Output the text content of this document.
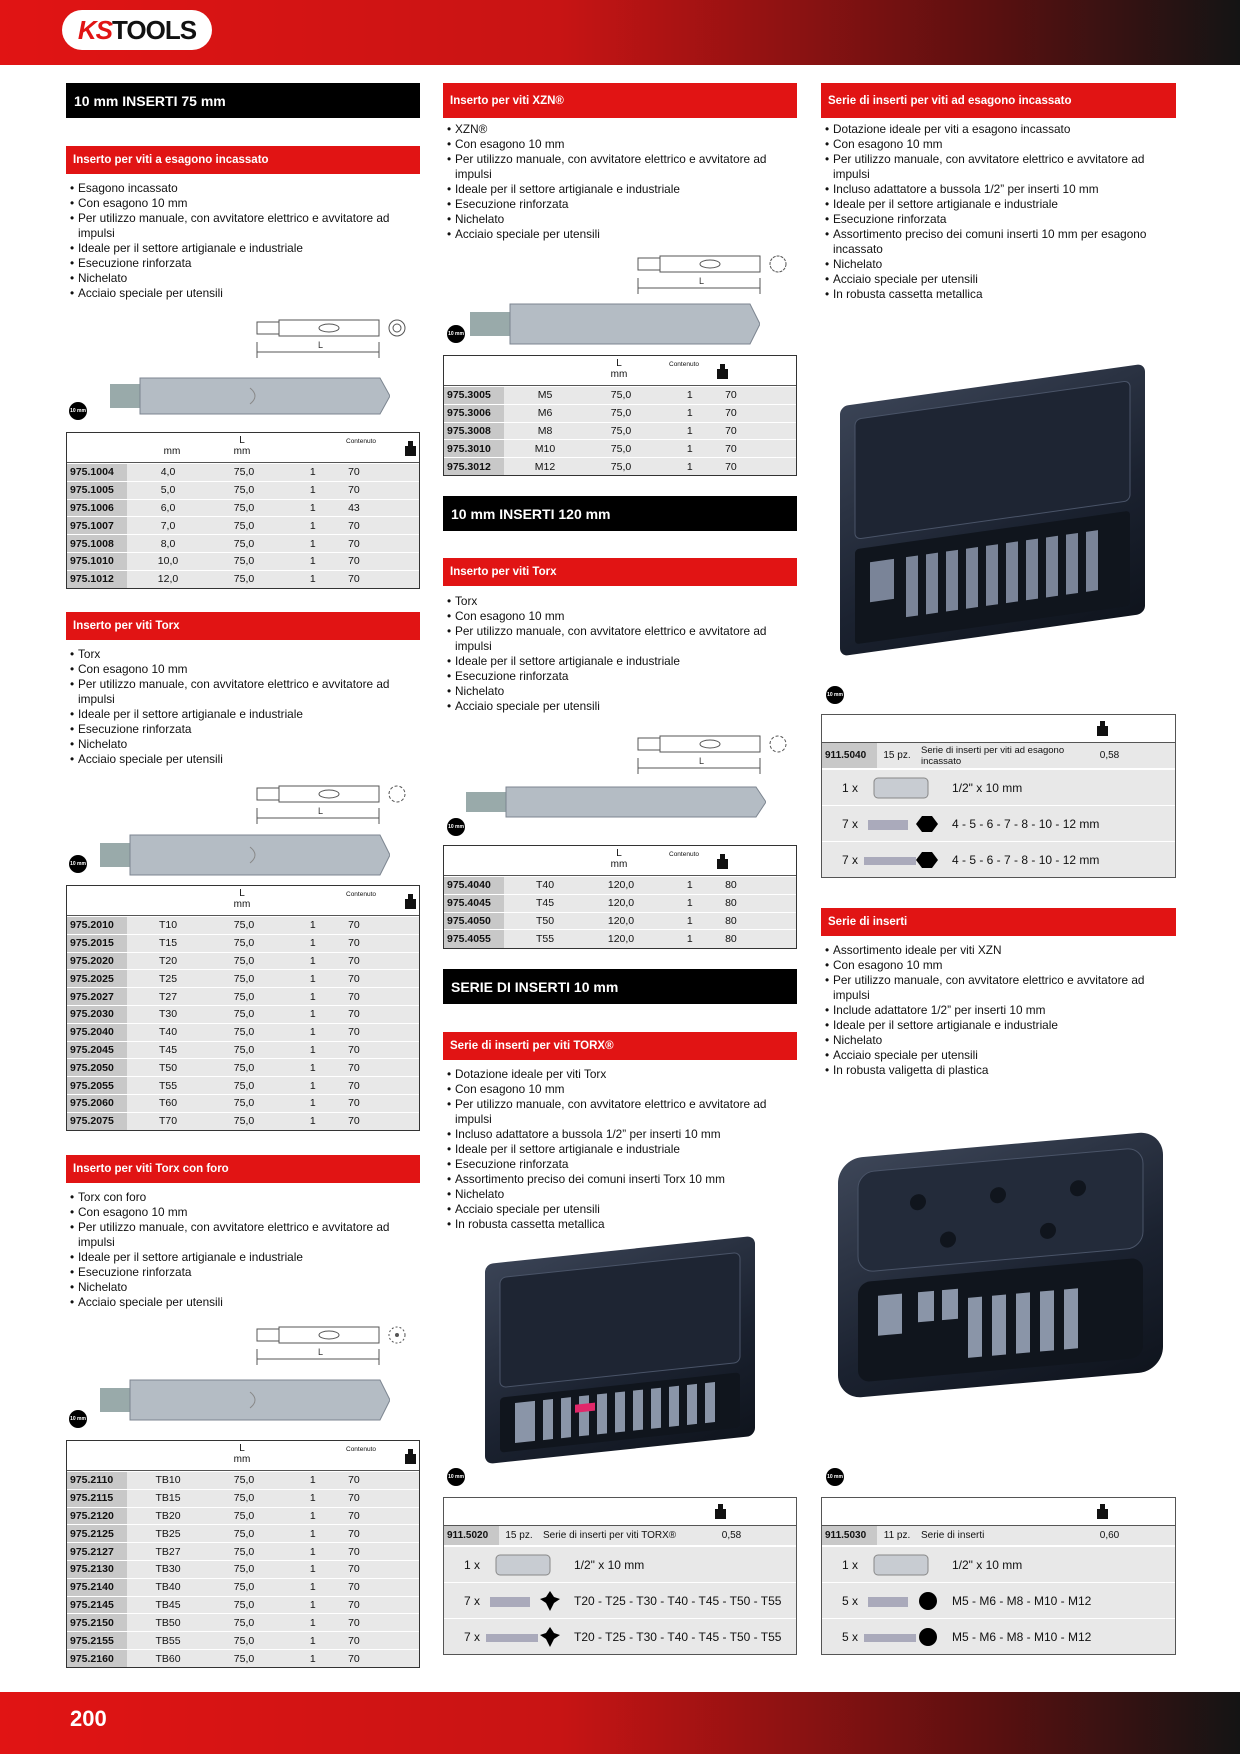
KS TOOLS
200
10 mm INSERTI 75 mm
Inserto per viti a esagono incassato
• Esagono incassato
• Con esagono 10 mm
• Per utilizzo manuale, con avvitatore elettrico e avvitatore ad impulsi
• Ideale per il settore artigianale e industriale
• Esecuzione rinforzata
• Nichelato
• Acciaio speciale per utensili
L
10 mm
mm
L
mm
Contenuto
975.1004	4,0	75,0	1	70
975.1005	5,0	75,0	1	70
975.1006	6,0	75,0	1	43
975.1007	7,0	75,0	1	70
975.1008	8,0	75,0	1	70
975.1010	10,0	75,0	1	70
975.1012	12,0	75,0	1	70
Inserto per viti Torx
• Torx
• Con esagono 10 mm
• Per utilizzo manuale, con avvitatore elettrico e avvitatore ad impulsi
• Ideale per il settore artigianale e industriale
• Esecuzione rinforzata
• Nichelato
• Acciaio speciale per utensili
L
10 mm
L
mm
Contenuto
975.2010	T10	75,0	1	70
975.2015	T15	75,0	1	70
975.2020	T20	75,0	1	70
975.2025	T25	75,0	1	70
975.2027	T27	75,0	1	70
975.2030	T30	75,0	1	70
975.2040	T40	75,0	1	70
975.2045	T45	75,0	1	70
975.2050	T50	75,0	1	70
975.2055	T55	75,0	1	70
975.2060	T60	75,0	1	70
975.2075	T70	75,0	1	70
Inserto per viti Torx con foro
• Torx con foro
• Con esagono 10 mm
• Per utilizzo manuale, con avvitatore elettrico e avvitatore ad impulsi
• Ideale per il settore artigianale e industriale
• Esecuzione rinforzata
• Nichelato
• Acciaio speciale per utensili
L
10 mm
L
mm
Contenuto
975.2110	TB10	75,0	1	70
975.2115	TB15	75,0	1	70
975.2120	TB20	75,0	1	70
975.2125	TB25	75,0	1	70
975.2127	TB27	75,0	1	70
975.2130	TB30	75,0	1	70
975.2140	TB40	75,0	1	70
975.2145	TB45	75,0	1	70
975.2150	TB50	75,0	1	70
975.2155	TB55	75,0	1	70
975.2160	TB60	75,0	1	70
Inserto per viti XZN®
• XZN®
• Con esagono 10 mm
• Per utilizzo manuale, con avvitatore elettrico e avvitatore ad impulsi
• Ideale per il settore artigianale e industriale
• Esecuzione rinforzata
• Nichelato
• Acciaio speciale per utensili
L
10 mm
L
mm
Contenuto
975.3005	M5	75,0	1	70
975.3006	M6	75,0	1	70
975.3008	M8	75,0	1	70
975.3010	M10	75,0	1	70
975.3012	M12	75,0	1	70
10 mm INSERTI 120 mm
Inserto per viti Torx
• Torx
• Con esagono 10 mm
• Per utilizzo manuale, con avvitatore elettrico e avvitatore ad impulsi
• Ideale per il settore artigianale e industriale
• Esecuzione rinforzata
• Nichelato
• Acciaio speciale per utensili
L
10 mm
L
mm
Contenuto
975.4040	T40	120,0	1	80
975.4045	T45	120,0	1	80
975.4050	T50	120,0	1	80
975.4055	T55	120,0	1	80
SERIE DI INSERTI 10 mm
Serie di inserti per viti TORX®
• Dotazione ideale per viti Torx
• Con esagono 10 mm
• Per utilizzo manuale, con avvitatore elettrico e avvitatore ad impulsi
• Incluso adattatore a bussola 1/2” per inserti 10 mm
• Ideale per il settore artigianale e industriale
• Esecuzione rinforzata
• Assortimento preciso dei comuni inserti Torx 10 mm
• Nichelato
• Acciaio speciale per utensili
• In robusta cassetta metallica
10 mm
911.5020	15 pz.	Serie di inserti per viti TORX®	0,58
1 x	1/2" x 10 mm
7 x	T20 - T25 - T30 - T40 - T45 - T50 - T55
7 x	T20 - T25 - T30 - T40 - T45 - T50 - T55
Serie di inserti per viti ad esagono incassato
• Dotazione ideale per viti a esagono incassato
• Con esagono 10 mm
• Per utilizzo manuale, con avvitatore elettrico e avvitatore ad impulsi
• Incluso adattatore a bussola 1/2” per inserti 10 mm
• Ideale per il settore artigianale e industriale
• Esecuzione rinforzata
• Assortimento preciso dei comuni inserti 10 mm per esagono incassato
• Nichelato
• Acciaio speciale per utensili
• In robusta cassetta metallica
10 mm
911.5040	15 pz.	Serie di inserti per viti ad esagono incassato	0,58
1 x	1/2" x 10 mm
7 x	4 - 5 - 6 - 7 - 8 - 10 - 12 mm
7 x	4 - 5 - 6 - 7 - 8 - 10 - 12 mm
Serie di inserti
• Assortimento ideale per viti XZN
• Con esagono 10 mm
• Per utilizzo manuale, con avvitatore elettrico e avvitatore ad impulsi
• Include adattatore 1/2” per inserti 10 mm
• Ideale per il settore artigianale e industriale
• Nichelato
• Acciaio speciale per utensili
• In robusta valigetta di plastica
10 mm
911.5030	11 pz.	Serie di inserti	0,60
1 x	1/2" x 10 mm
5 x	M5 - M6 - M8 - M10 - M12
5 x	M5 - M6 - M8 - M10 - M12
